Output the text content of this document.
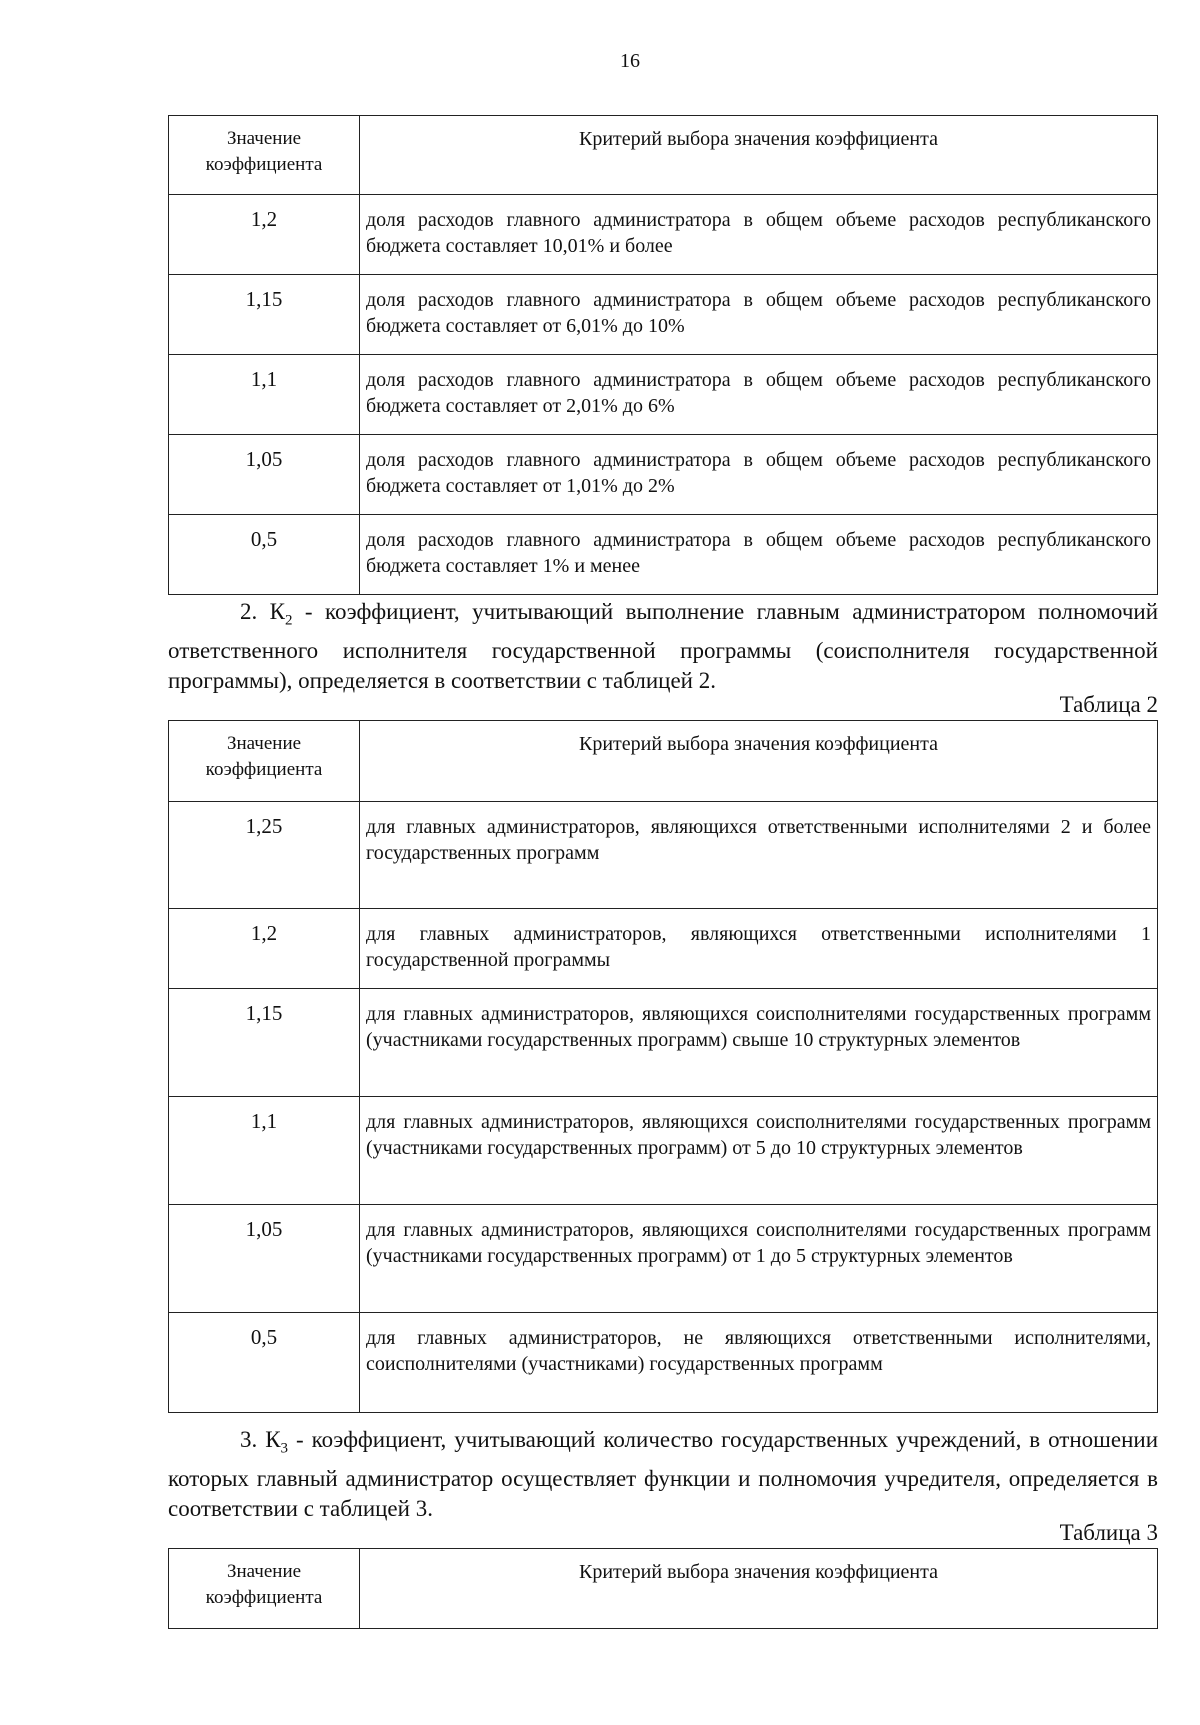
16
Значение коэффициента	Критерий выбора значения коэффициента
1,2	доля расходов главного администратора в общем объеме расходов республиканского бюджета составляет 10,01% и более
1,15	доля расходов главного администратора в общем объеме расходов республиканского бюджета составляет от 6,01% до 10%
1,1	доля расходов главного администратора в общем объеме расходов республиканского бюджета составляет от 2,01% до 6%
1,05	доля расходов главного администратора в общем объеме расходов республиканского бюджета составляет от 1,01% до 2%
0,5	доля расходов главного администратора в общем объеме расходов республиканского бюджета составляет 1% и менее

2. $К_2$ - коэффициент, учитывающий выполнение главным администратором полномочий ответственного исполнителя государственной программы (соисполнителя государственной программы), определяется в соответствии с таблицей 2.

Таблица 2
Значение коэффициента	Критерий выбора значения коэффициента
1,25	для главных администраторов, являющихся ответственными исполнителями 2 и более государственных программ
1,2	для главных администраторов, являющихся ответственными исполнителями 1 государственной программы
1,15	для главных администраторов, являющихся соисполнителями государственных программ (участниками государственных программ) свыше 10 структурных элементов
1,1	для главных администраторов, являющихся соисполнителями государственных программ (участниками государственных программ) от 5 до 10 структурных элементов
1,05	для главных администраторов, являющихся соисполнителями государственных программ (участниками государственных программ) от 1 до 5 структурных элементов
0,5	для главных администраторов, не являющихся ответственными исполнителями, соисполнителями (участниками) государственных программ

3. $К_3$ - коэффициент, учитывающий количество государственных учреждений, в отношении которых главный администратор осуществляет функции и полномочия учредителя, определяется в соответствии с таблицей 3.

Таблица 3
Значение коэффициента	Критерий выбора значения коэффициента
